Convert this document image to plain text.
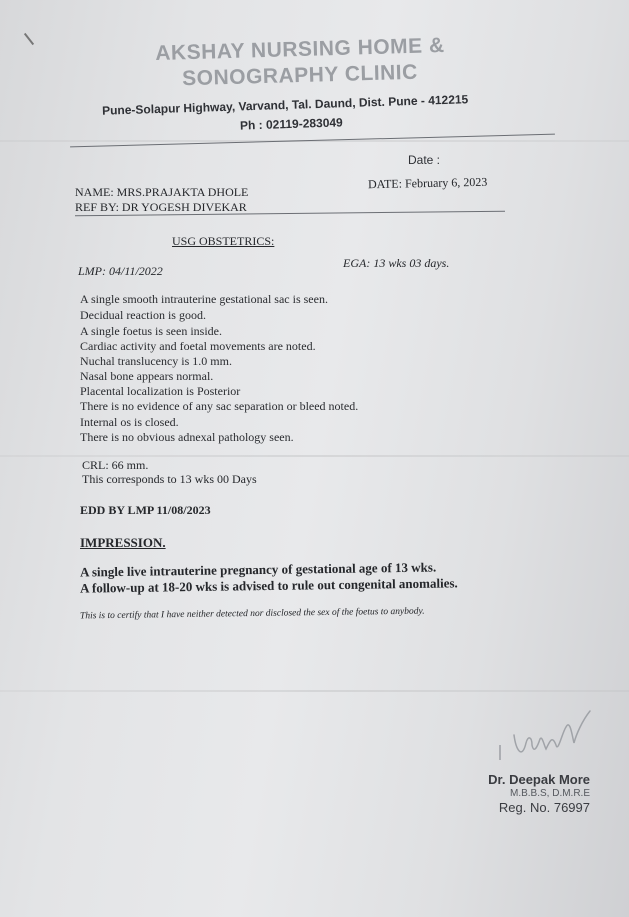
AKSHAY NURSING HOME &
SONOGRAPHY CLINIC
Pune-Solapur Highway, Varvand, Tal. Daund, Dist. Pune - 412215
Ph : 02119-283049
Date :
NAME: MRS.PRAJAKTA DHOLE
REF BY: DR YOGESH DIVEKAR
DATE: February 6, 2023
USG OBSTETRICS:
LMP: 04/11/2022
EGA: 13 wks 03 days.
A single smooth intrauterine gestational sac is seen.
Decidual reaction is good.
A single foetus is seen inside.
Cardiac activity and foetal movements are noted.
Nuchal translucency is 1.0 mm.
Nasal bone appears normal.
Placental localization is Posterior
There is no evidence of any sac separation or bleed noted.
Internal os is closed.
There is no obvious adnexal pathology seen.
CRL: 66 mm.
This corresponds to 13 wks 00 Days
EDD BY LMP 11/08/2023
IMPRESSION.
A single live intrauterine pregnancy of gestational age of 13 wks.
A follow-up at 18-20 wks is advised to rule out congenital anomalies.
This is to certify that I have neither detected nor disclosed the sex of the foetus to anybody.
Dr. Deepak More
M.B.B.S, D.M.R.E
Reg. No. 76997
